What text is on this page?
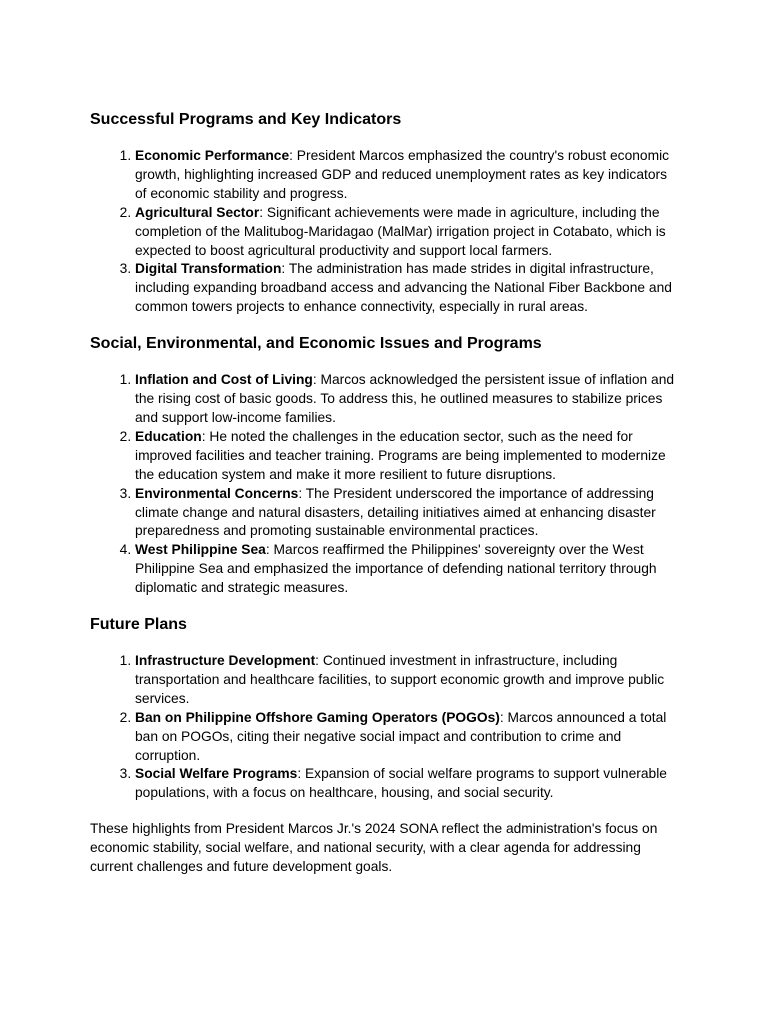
Successful Programs and Key Indicators
1. Economic Performance: President Marcos emphasized the country's robust economic growth, highlighting increased GDP and reduced unemployment rates as key indicators of economic stability and progress.
2. Agricultural Sector: Significant achievements were made in agriculture, including the completion of the Malitubog-Maridagao (MalMar) irrigation project in Cotabato, which is expected to boost agricultural productivity and support local farmers.
3. Digital Transformation: The administration has made strides in digital infrastructure, including expanding broadband access and advancing the National Fiber Backbone and common towers projects to enhance connectivity, especially in rural areas.
Social, Environmental, and Economic Issues and Programs
1. Inflation and Cost of Living: Marcos acknowledged the persistent issue of inflation and the rising cost of basic goods. To address this, he outlined measures to stabilize prices and support low-income families.
2. Education: He noted the challenges in the education sector, such as the need for improved facilities and teacher training. Programs are being implemented to modernize the education system and make it more resilient to future disruptions.
3. Environmental Concerns: The President underscored the importance of addressing climate change and natural disasters, detailing initiatives aimed at enhancing disaster preparedness and promoting sustainable environmental practices.
4. West Philippine Sea: Marcos reaffirmed the Philippines' sovereignty over the West Philippine Sea and emphasized the importance of defending national territory through diplomatic and strategic measures.
Future Plans
1. Infrastructure Development: Continued investment in infrastructure, including transportation and healthcare facilities, to support economic growth and improve public services.
2. Ban on Philippine Offshore Gaming Operators (POGOs): Marcos announced a total ban on POGOs, citing their negative social impact and contribution to crime and corruption.
3. Social Welfare Programs: Expansion of social welfare programs to support vulnerable populations, with a focus on healthcare, housing, and social security.

These highlights from President Marcos Jr.'s 2024 SONA reflect the administration's focus on economic stability, social welfare, and national security, with a clear agenda for addressing current challenges and future development goals.
